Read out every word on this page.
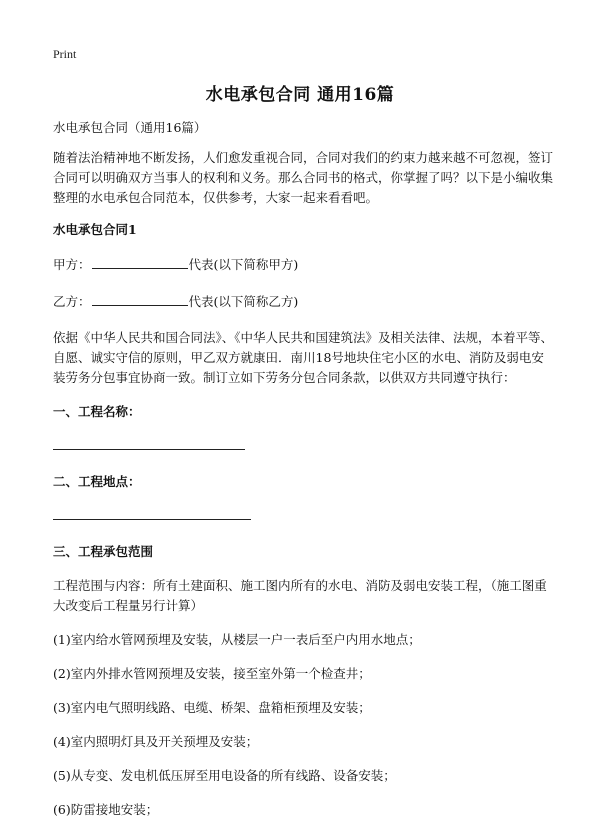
Print
水电承包合同 通用16篇
水电承包合同（通用16篇）
随着法治精神地不断发扬，人们愈发重视合同，合同对我们的约束力越来越不可忽视，签订合同可以明确双方当事人的权利和义务。那么合同书的格式，你掌握了吗？以下是小编收集整理的水电承包合同范本，仅供参考，大家一起来看看吧。
水电承包合同1
甲方：	代表(以下简称甲方)
乙方：	代表(以下简称乙方)
依据《中华人民共和国合同法》、《中华人民共和国建筑法》及相关法律、法规，本着平等、自愿、诚实守信的原则，甲乙双方就康田．南川18号地块住宅小区的水电、消防及弱电安装劳务分包事宜协商一致。制订立如下劳务分包合同条款，以供双方共同遵守执行：
一、工程名称：
二、工程地点：
三、工程承包范围
工程范围与内容：所有土建面积、施工图内所有的水电、消防及弱电安装工程，（施工图重大改变后工程量另行计算）
(1)室内给水管网预埋及安装，从楼层一户一表后至户内用水地点；
(2)室内外排水管网预埋及安装，接至室外第一个检查井；
(3)室内电气照明线路、电缆、桥架、盘箱柜预埋及安装；
(4)室内照明灯具及开关预埋及安装；
(5)从专变、发电机低压屏至用电设备的所有线路、设备安装；
(6)防雷接地安装；
